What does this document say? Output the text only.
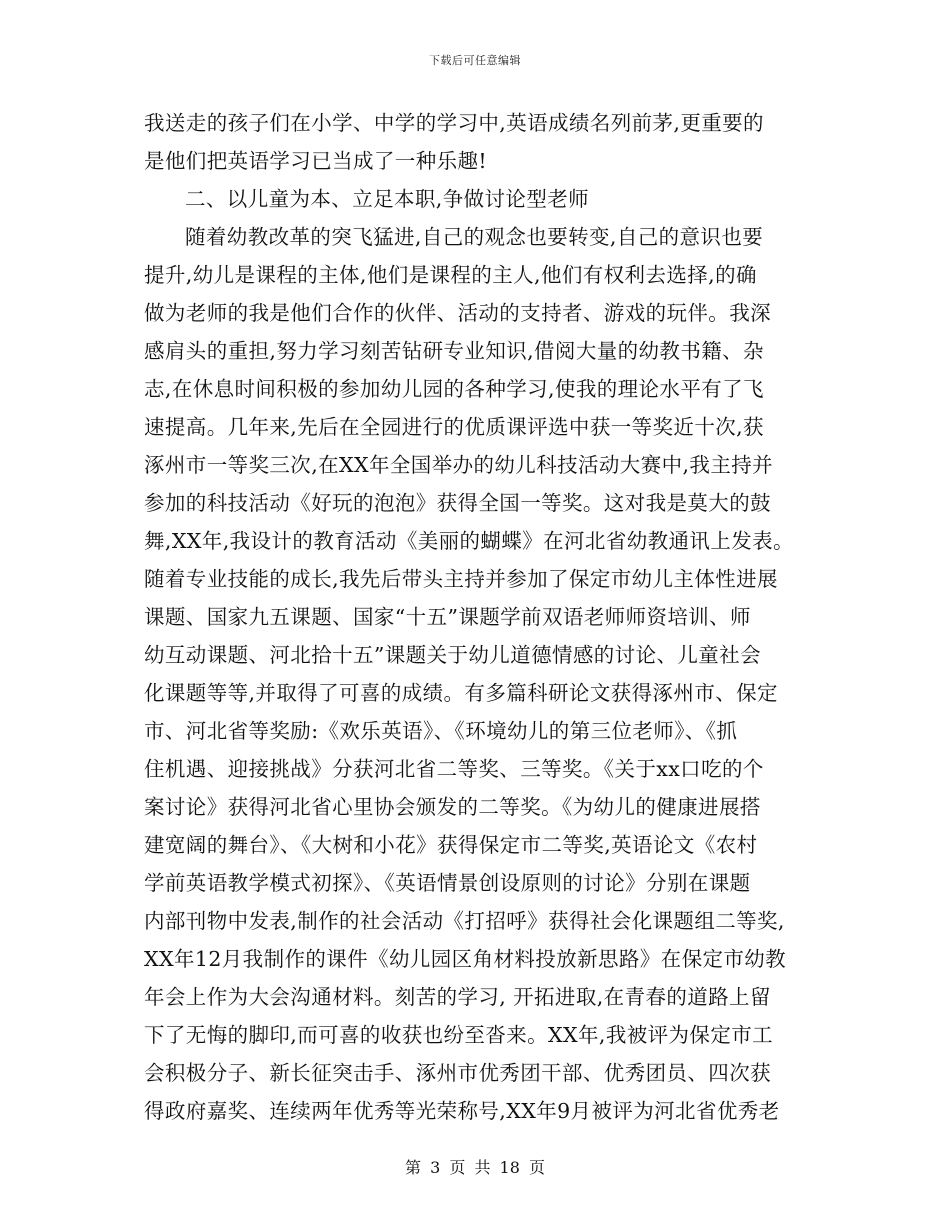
下载后可任意编辑
我送走的孩子们在小学、中学的学习中,英语成绩名列前茅,更重要的
是他们把英语学习已当成了一种乐趣!
二、以儿童为本、立足本职,争做讨论型老师
随着幼教改革的突飞猛进,自己的观念也要转变,自己的意识也要
提升,幼儿是课程的主体,他们是课程的主人,他们有权利去选择,的确
做为老师的我是他们合作的伙伴、活动的支持者、游戏的玩伴。我深
感肩头的重担,努力学习刻苦钻研专业知识,借阅大量的幼教书籍、杂
志,在休息时间积极的参加幼儿园的各种学习,使我的理论水平有了飞
速提高。几年来,先后在全园进行的优质课评选中获一等奖近十次,获
涿州市一等奖三次,在XX年全国举办的幼儿科技活动大赛中,我主持并
参加的科技活动《好玩的泡泡》获得全国一等奖。这对我是莫大的鼓
舞,XX年,我设计的教育活动《美丽的蝴蝶》在河北省幼教通讯上发表。
随着专业技能的成长,我先后带头主持并参加了保定市幼儿主体性进展
课题、国家九五课题、国家“十五”课题学前双语老师师资培训、师
幼互动课题、河北拾十五”课题关于幼儿道德情感的讨论、儿童社会
化课题等等,并取得了可喜的成绩。有多篇科研论文获得涿州市、保定
市、河北省等奖励:《欢乐英语》、《环境幼儿的第三位老师》、《抓
住机遇、迎接挑战》分获河北省二等奖、三等奖。《关于xx口吃的个
案讨论》获得河北省心里协会颁发的二等奖。《为幼儿的健康进展搭
建宽阔的舞台》、《大树和小花》获得保定市二等奖,英语论文《农村
学前英语教学模式初探》、《英语情景创设原则的讨论》分别在课题
内部刊物中发表,制作的社会活动《打招呼》获得社会化课题组二等奖,
XX年12月我制作的课件《幼儿园区角材料投放新思路》在保定市幼教
年会上作为大会沟通材料。刻苦的学习, 开拓进取,在青春的道路上留
下了无悔的脚印,而可喜的收获也纷至沓来。XX年,我被评为保定市工
会积极分子、新长征突击手、涿州市优秀团干部、优秀团员、四次获
得政府嘉奖、连续两年优秀等光荣称号,XX年9月被评为河北省优秀老
第 3 页 共 18 页
